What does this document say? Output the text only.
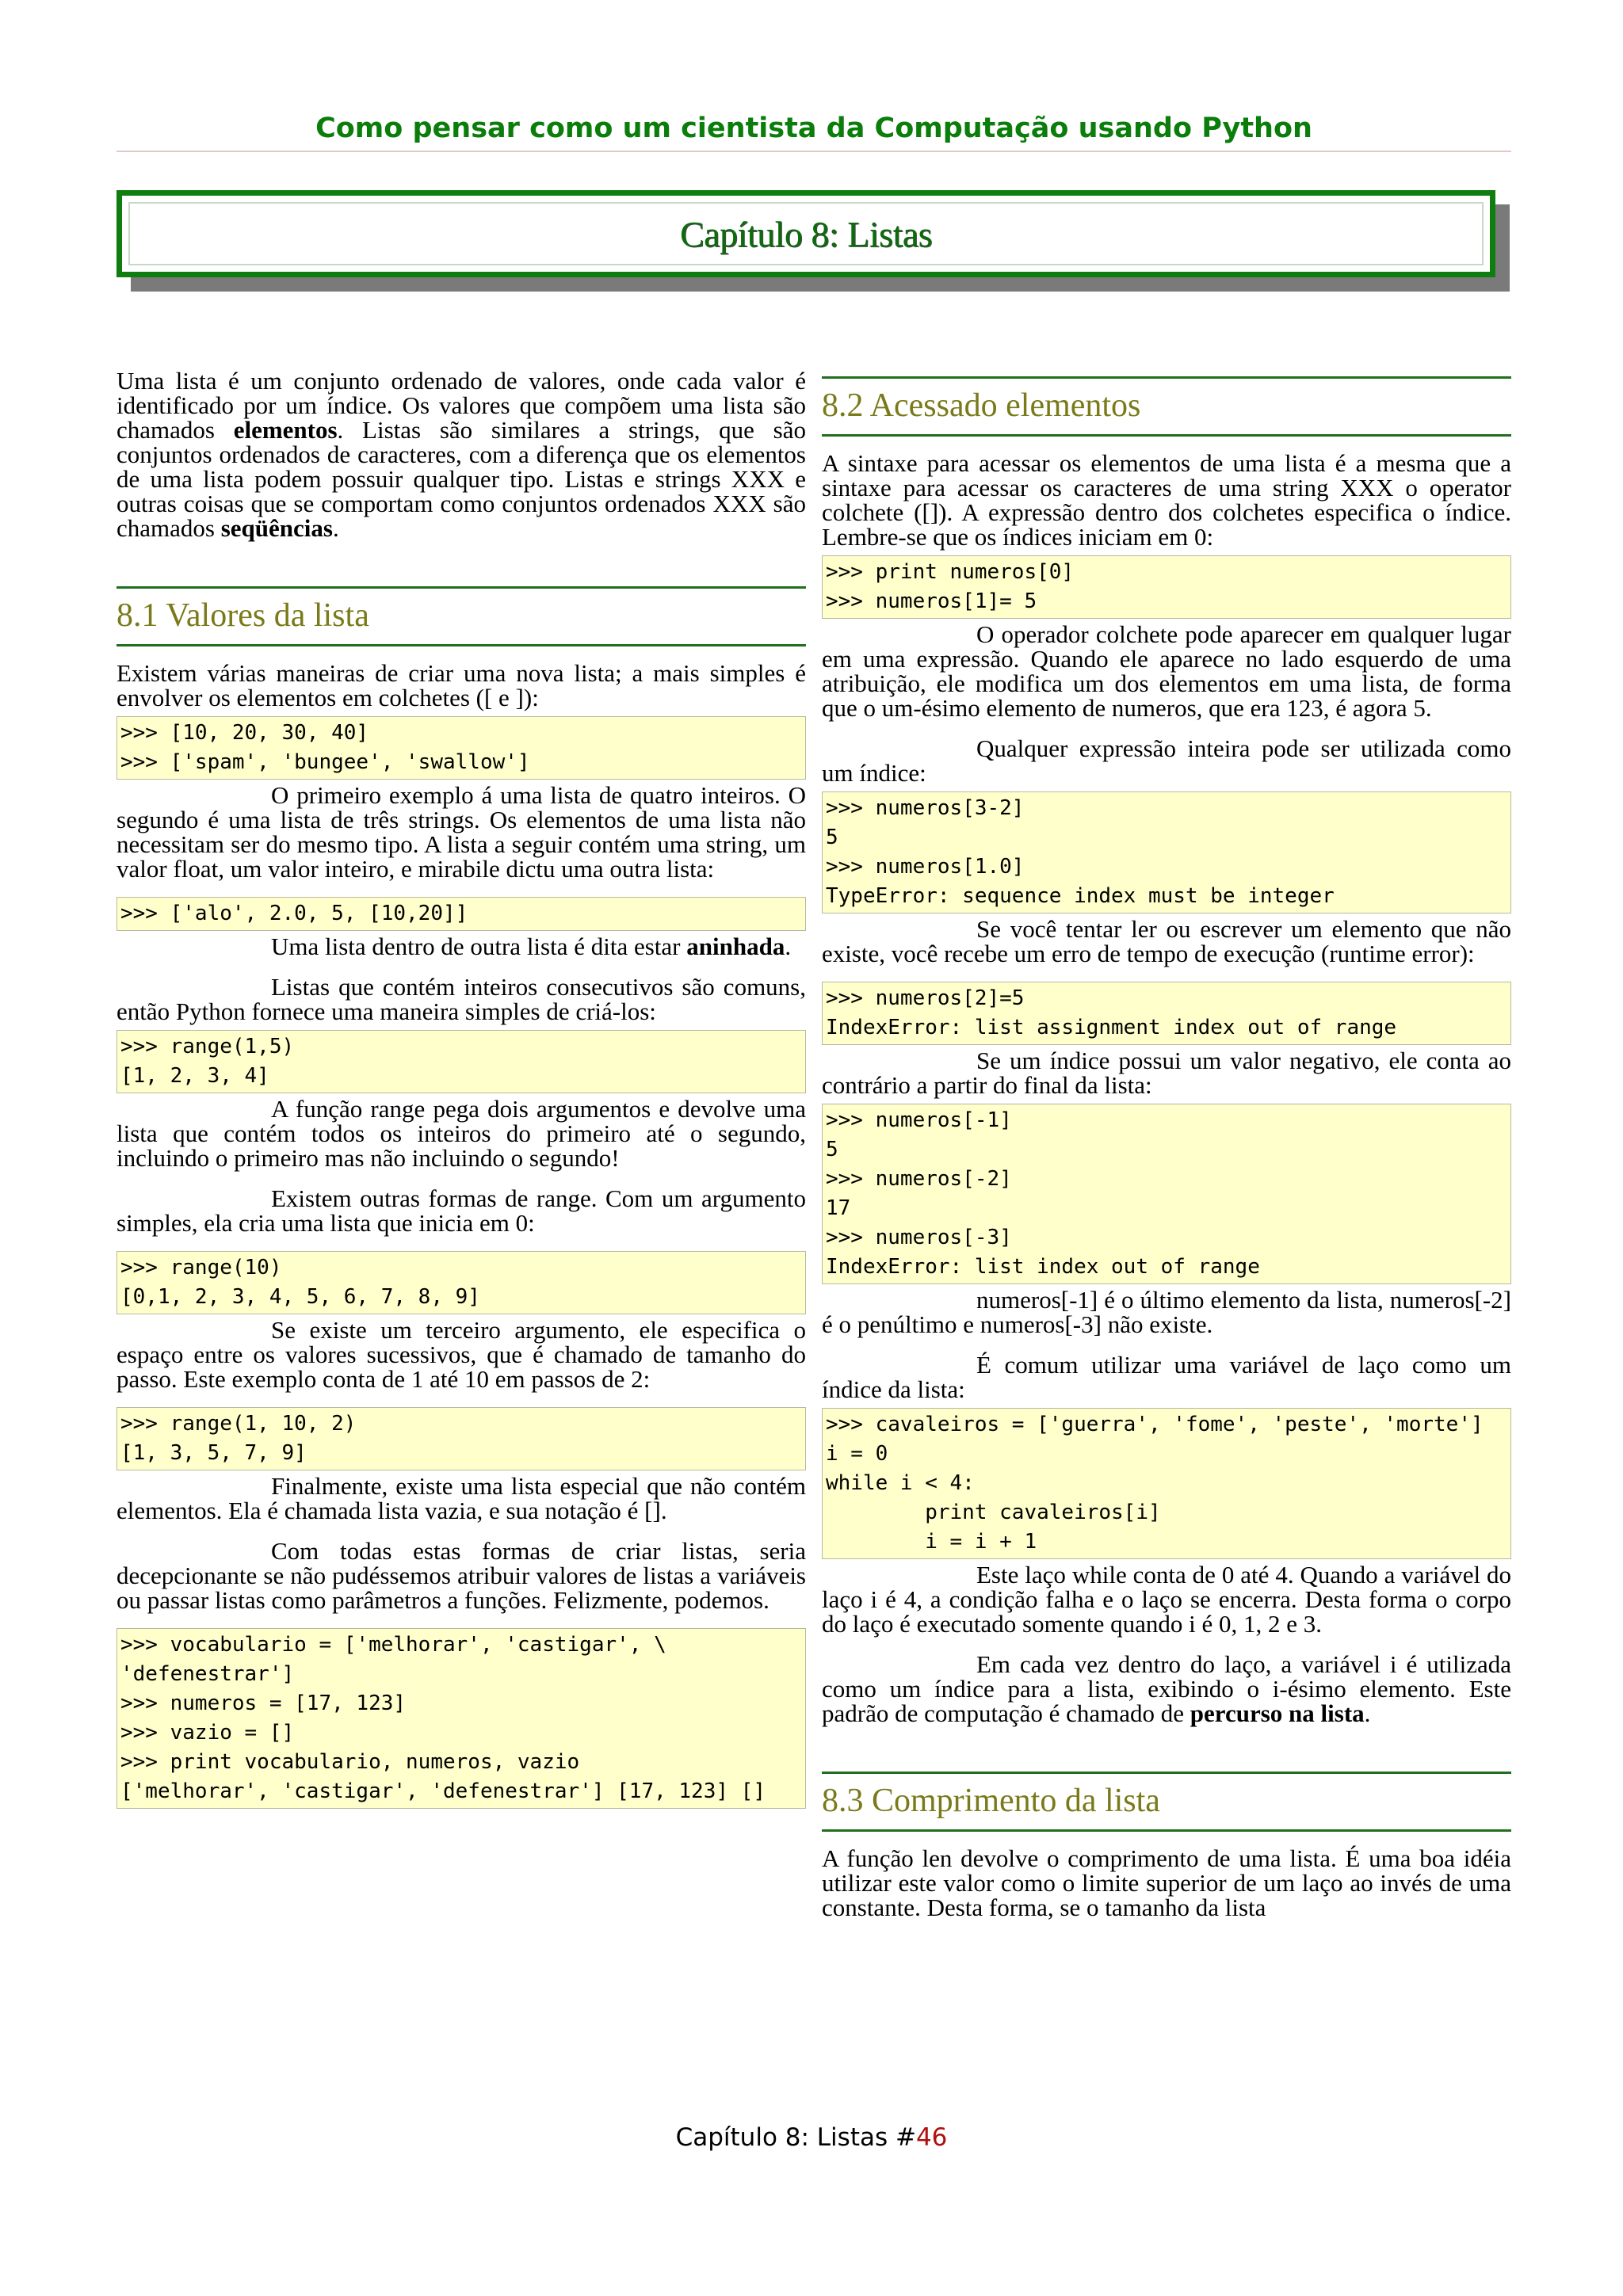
Como pensar como um cientista da Computação usando Python
Capítulo 8: Listas

Uma lista é um conjunto ordenado de valores, onde cada valor é identificado por um índice. Os valores que compõem uma lista são chamados elementos. Listas são similares a strings, que são conjuntos ordenados de caracteres, com a diferença que os elementos de uma lista podem possuir qualquer tipo. Listas e strings XXX e outras coisas que se comportam como conjuntos ordenados XXX são chamados seqüências.

8.1 Valores da lista

Existem várias maneiras de criar uma nova lista; a mais simples é envolver os elementos em colchetes ([ e ]):

>>> [10, 20, 30, 40]
>>> ['spam', 'bungee', 'swallow']

O primeiro exemplo á uma lista de quatro inteiros. O segundo é uma lista de três strings. Os elementos de uma lista não necessitam ser do mesmo tipo. A lista a seguir contém uma string, um valor float, um valor inteiro, e mirabile dictu uma outra lista:

>>> ['alo', 2.0, 5, [10,20]]

Uma lista dentro de outra lista é dita estar aninhada.

Listas que contém inteiros consecutivos são comuns, então Python fornece uma maneira simples de criá-los:

>>> range(1,5)
[1, 2, 3, 4]

A função range pega dois argumentos e devolve uma lista que contém todos os inteiros do primeiro até o segundo, incluindo o primeiro mas não incluindo o segundo!

Existem outras formas de range. Com um argumento simples, ela cria uma lista que inicia em 0:

>>> range(10)
[0,1, 2, 3, 4, 5, 6, 7, 8, 9]

Se existe um terceiro argumento, ele especifica o espaço entre os valores sucessivos, que é chamado de tamanho do passo. Este exemplo conta de 1 até 10 em passos de 2:

>>> range(1, 10, 2)
[1, 3, 5, 7, 9]

Finalmente, existe uma lista especial que não contém elementos. Ela é chamada lista vazia, e sua notação é [].

Com todas estas formas de criar listas, seria decepcionante se não pudéssemos atribuir valores de listas a variáveis ou passar listas como parâmetros a funções. Felizmente, podemos.

>>> vocabulario = ['melhorar', 'castigar', \
'defenestrar']
>>> numeros = [17, 123]
>>> vazio = []
>>> print vocabulario, numeros, vazio
['melhorar', 'castigar', 'defenestrar'] [17, 123] []
8.2 Acessado elementos

A sintaxe para acessar os elementos de uma lista é a mesma que a sintaxe para acessar os caracteres de uma string XXX o operator colchete ([]). A expressão dentro dos colchetes especifica o índice. Lembre-se que os índices iniciam em 0:

>>> print numeros[0]
>>> numeros[1]= 5

O operador colchete pode aparecer em qualquer lugar em uma expressão. Quando ele aparece no lado esquerdo de uma atribuição, ele modifica um dos elementos em uma lista, de forma que o um-ésimo elemento de numeros, que era 123, é agora 5.

Qualquer expressão inteira pode ser utilizada como um índice:

>>> numeros[3-2]
5
>>> numeros[1.0]
TypeError: sequence index must be integer

Se você tentar ler ou escrever um elemento que não existe, você recebe um erro de tempo de execução (runtime error):

>>> numeros[2]=5
IndexError: list assignment index out of range

Se um índice possui um valor negativo, ele conta ao contrário a partir do final da lista:

>>> numeros[-1]
5
>>> numeros[-2]
17
>>> numeros[-3]
IndexError: list index out of range

numeros[-1] é o último elemento da lista, numeros[-2] é o penúltimo e numeros[-3] não existe.

É comum utilizar uma variável de laço como um índice da lista:

>>> cavaleiros = ['guerra', 'fome', 'peste', 'morte']
i = 0
while i < 4:
print cavaleiros[i]
i = i + 1

Este laço while conta de 0 até 4. Quando a variável do laço i é 4, a condição falha e o laço se encerra. Desta forma o corpo do laço é executado somente quando i é 0, 1, 2 e 3.

Em cada vez dentro do laço, a variável i é utilizada como um índice para a lista, exibindo o i-ésimo elemento. Este padrão de computação é chamado de percurso na lista.

8.3 Comprimento da lista

A função len devolve o comprimento de uma lista. É uma boa idéia utilizar este valor como o limite superior de um laço ao invés de uma constante. Desta forma, se o tamanho da lista

Capítulo 8: Listas #46
